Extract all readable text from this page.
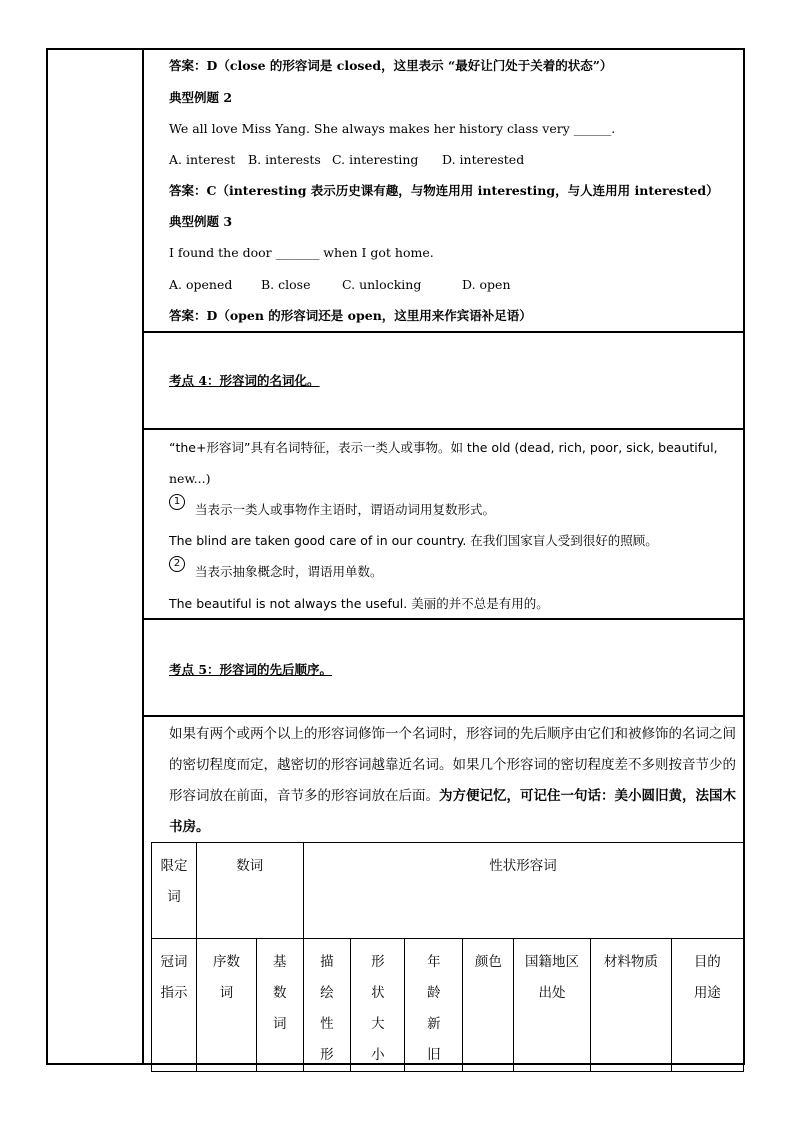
答案：D（close 的形容词是 closed，这里表示 “最好让门处于关着的状态”）
典型例题 2
We all love Miss Yang. She always makes her history class very ______.
A. interest B. interests C. interesting D. interested
答案：C（interesting 表示历史课有趣，与物连用用 interesting，与人连用用 interested）
典型例题 3
I found the door _______ when I got home.
A. opened B. close	C. unlocking	D. open
答案：D（open 的形容词还是 open，这里用来作宾语补足语）
考点 4：形容词的名词化。
“the+形容词”具有名词特征，表示一类人或事物。如 the old (dead, rich, poor, sick, beautiful,
new...)
1当表示一类人或事物作主语时，谓语动词用复数形式。
The blind are taken good care of in our country. 在我们国家盲人受到很好的照顾。
2当表示抽象概念时，谓语用单数。
The beautiful is not always the useful. 美丽的并不总是有用的。
考点 5：形容词的先后顺序。
如果有两个或两个以上的形容词修饰一个名词时，形容词的先后顺序由它们和被修饰的名词之间的密切程度而定，越密切的形容词越靠近名词。如果几个形容词的密切程度差不多则按音节少的形容词放在前面，音节多的形容词放在后面。为方便记忆，可记住一句话：美小圆旧黄，法国木书房。
限定词	数词		性状形容词						
冠词指示	序数词	基数词	描绘性形	形状大小	年龄新旧	颜色	国籍地区出处	材料物质	目的用途
